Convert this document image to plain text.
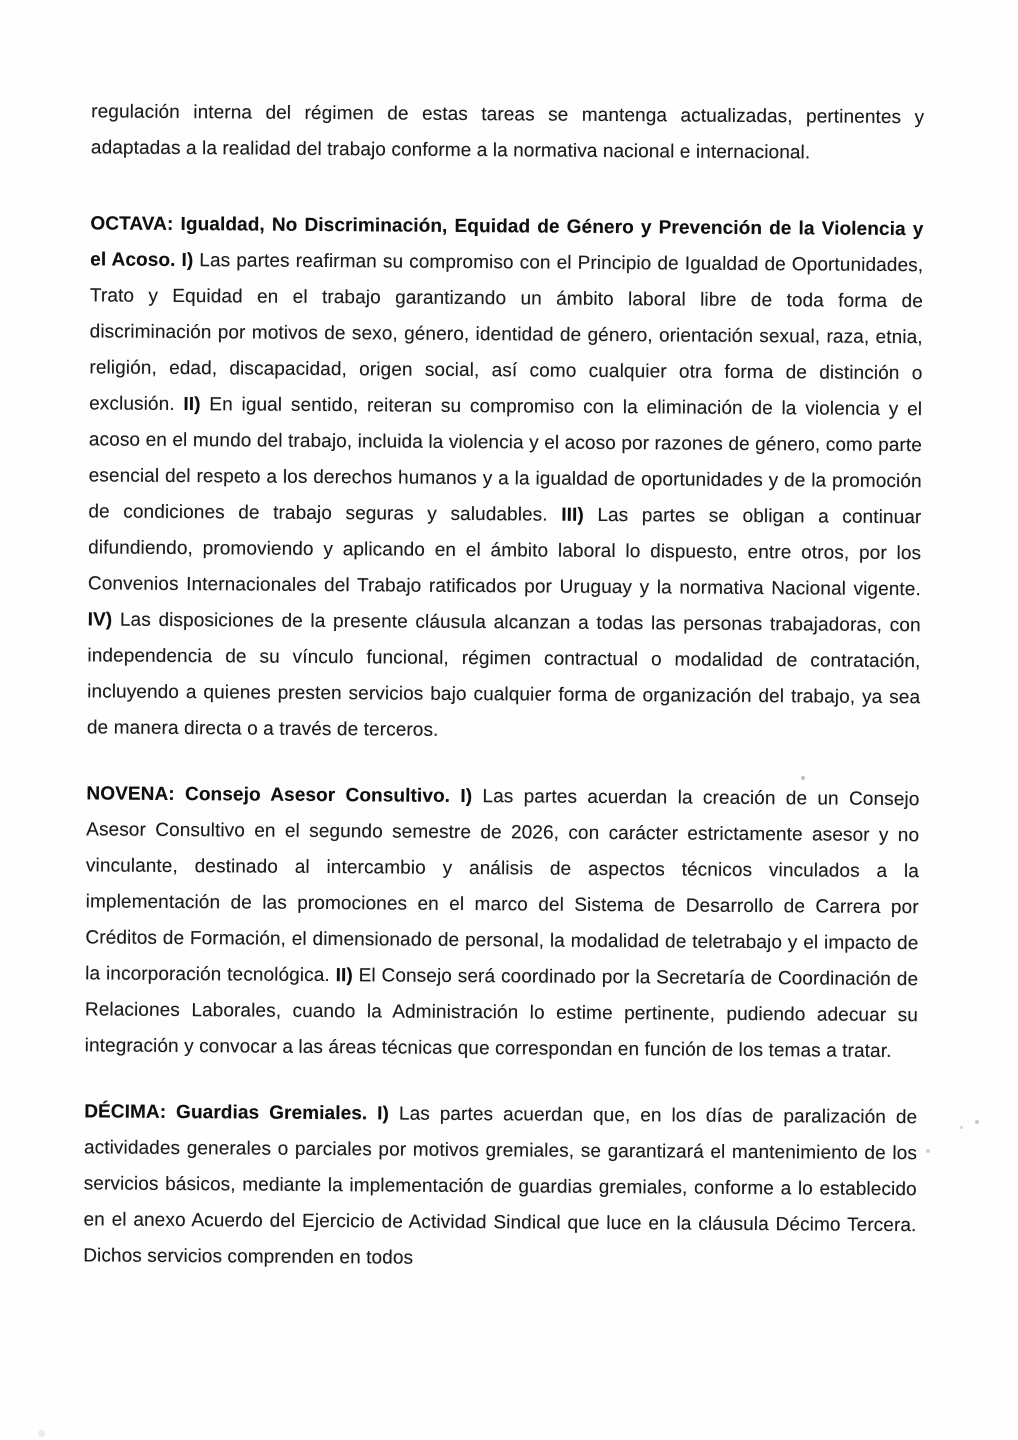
regulación interna del régimen de estas tareas se mantenga actualizadas, pertinentes y adaptadas a la realidad del trabajo conforme a la normativa nacional e internacional.

OCTAVA: Igualdad, No Discriminación, Equidad de Género y Prevención de la Violencia y el Acoso. I) Las partes reafirman su compromiso con el Principio de Igualdad de Oportunidades, Trato y Equidad en el trabajo garantizando un ámbito laboral libre de toda forma de discriminación por motivos de sexo, género, identidad de género, orientación sexual, raza, etnia, religión, edad, discapacidad, origen social, así como cualquier otra forma de distinción o exclusión. II) En igual sentido, reiteran su compromiso con la eliminación de la violencia y el acoso en el mundo del trabajo, incluida la violencia y el acoso por razones de género, como parte esencial del respeto a los derechos humanos y a la igualdad de oportunidades y de la promoción de condiciones de trabajo seguras y saludables. III) Las partes se obligan a continuar difundiendo, promoviendo y aplicando en el ámbito laboral lo dispuesto, entre otros, por los Convenios Internacionales del Trabajo ratificados por Uruguay y la normativa Nacional vigente. IV) Las disposiciones de la presente cláusula alcanzan a todas las personas trabajadoras, con independencia de su vínculo funcional, régimen contractual o modalidad de contratación, incluyendo a quienes presten servicios bajo cualquier forma de organización del trabajo, ya sea de manera directa o a través de terceros.

NOVENA: Consejo Asesor Consultivo. I) Las partes acuerdan la creación de un Consejo Asesor Consultivo en el segundo semestre de 2026, con carácter estrictamente asesor y no vinculante, destinado al intercambio y análisis de aspectos técnicos vinculados a la implementación de las promociones en el marco del Sistema de Desarrollo de Carrera por Créditos de Formación, el dimensionado de personal, la modalidad de teletrabajo y el impacto de la incorporación tecnológica. II) El Consejo será coordinado por la Secretaría de Coordinación de Relaciones Laborales, cuando la Administración lo estime pertinente, pudiendo adecuar su integración y convocar a las áreas técnicas que correspondan en función de los temas a tratar.

DÉCIMA: Guardias Gremiales. I) Las partes acuerdan que, en los días de paralización de actividades generales o parciales por motivos gremiales, se garantizará el mantenimiento de los servicios básicos, mediante la implementación de guardias gremiales, conforme a lo establecido en el anexo Acuerdo del Ejercicio de Actividad Sindical que luce en la cláusula Décimo Tercera. Dichos servicios comprenden en todos
